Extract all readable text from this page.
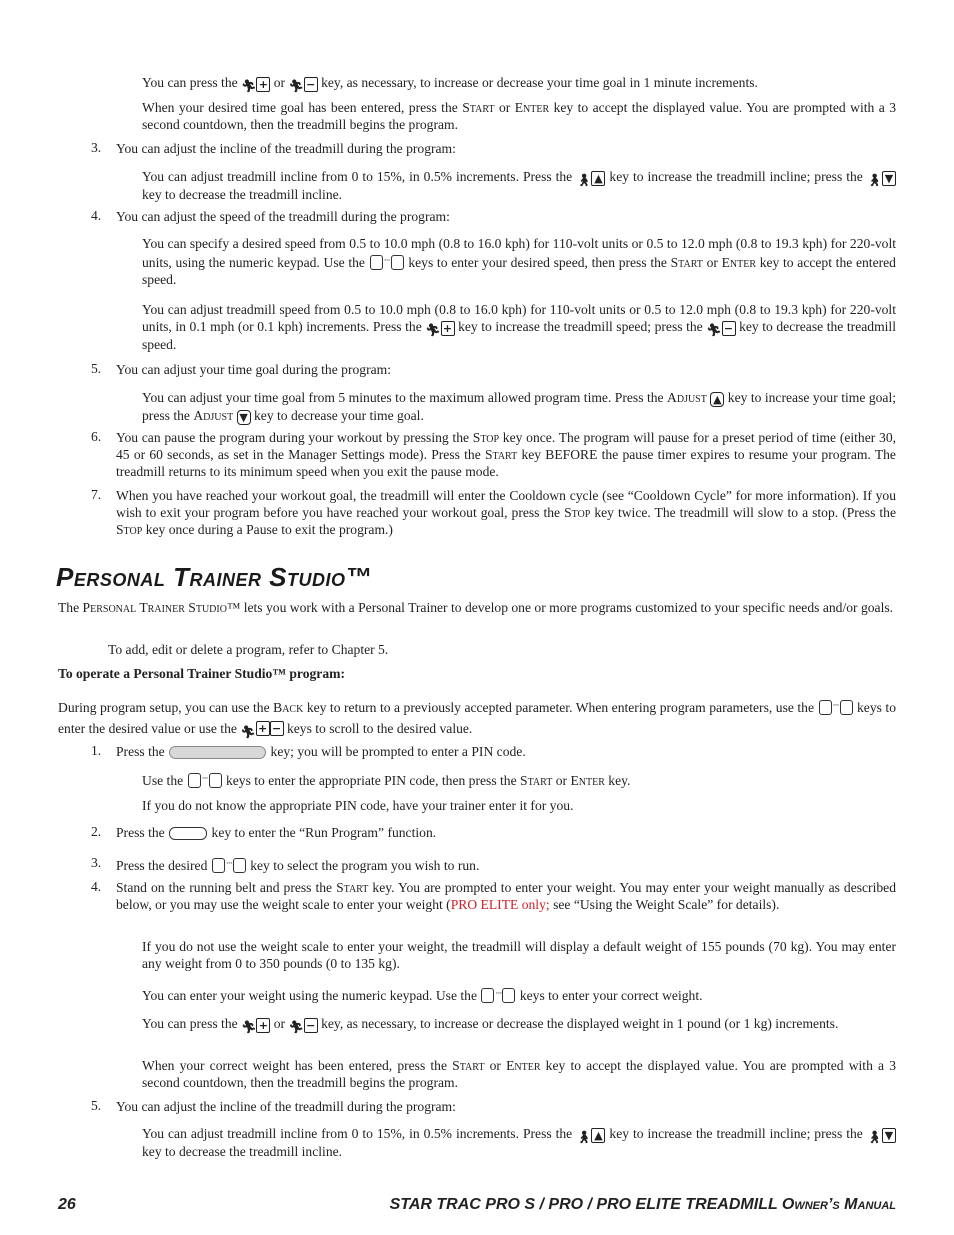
You can press the 🏃︎ + or 🏃︎ − key, as necessary, to increase or decrease your time goal in 1 minute increments.

When your desired time goal has been entered, press the Start or Enter key to accept the displayed value. You are prompted with a 3 second countdown, then the treadmill begins the program.

3.	You can adjust the incline of the treadmill during the program:

You can adjust treadmill incline from 0 to 15%, in 0.5% increments. Press the 🚶︎ ▲ key to increase the treadmill incline; press the 🚶︎ ▼ key to decrease the treadmill incline.

4.	You can adjust the speed of the treadmill during the program:

You can specify a desired speed from 0.5 to 10.0 mph (0.8 to 16.0 kph) for 110-volt units or 0.5 to 12.0 mph (0.8 to 19.3 kph) for 220-volt units, using the numeric keypad. Use the ··· keys to enter your desired speed, then press the Start or Enter key to accept the entered speed.

You can adjust treadmill speed from 0.5 to 10.0 mph (0.8 to 16.0 kph) for 110-volt units or 0.5 to 12.0 mph (0.8 to 19.3 kph) for 220-volt units, in 0.1 mph (or 0.1 kph) increments. Press the 🏃︎ + key to increase the treadmill speed; press the 🏃︎ − key to decrease the treadmill speed.

5.	You can adjust your time goal during the program:

You can adjust your time goal from 5 minutes to the maximum allowed program time. Press the Adjust ▲ key to increase your time goal; press the Adjust ▼ key to decrease your time goal.

6.	You can pause the program during your workout by pressing the Stop key once. The program will pause for a preset period of time (either 30, 45 or 60 seconds, as set in the Manager Settings mode). Press the Start key BEFORE the pause timer expires to resume your program. The treadmill returns to its minimum speed when you exit the pause mode.

7.	When you have reached your workout goal, the treadmill will enter the Cooldown cycle (see “Cooldown Cycle” for more information). If you wish to exit your program before you have reached your workout goal, press the Stop key twice. The treadmill will slow to a stop. (Press the Stop key once during a Pause to exit the program.)

Personal Trainer Studio™

The Personal Trainer Studio™ lets you work with a Personal Trainer to develop one or more programs customized to your specific needs and/or goals.

To add, edit or delete a program, refer to Chapter 5.

To operate a Personal Trainer Studio™ program:

During program setup, you can use the Back key to return to a previously accepted parameter. When entering program parameters, use the ··· keys to enter the desired value or use the 🏃︎ + − keys to scroll to the desired value.

1.	Press the	key; you will be prompted to enter a PIN code.

Use the ··· keys to enter the appropriate PIN code, then press the Start or Enter key.

If you do not know the appropriate PIN code, have your trainer enter it for you.

2.	Press the	key to enter the “Run Program” function.

3.	Press the desired ··· key to select the program you wish to run.

4.	Stand on the running belt and press the Start key. You are prompted to enter your weight. You may enter your weight manually as described below, or you may use the weight scale to enter your weight (PRO ELITE only; see “Using the Weight Scale” for details).

If you do not use the weight scale to enter your weight, the treadmill will display a default weight of 155 pounds (70 kg). You may enter any weight from 0 to 350 pounds (0 to 135 kg).

You can enter your weight using the numeric keypad. Use the ··· keys to enter your correct weight.

You can press the 🏃︎ + or 🏃︎ − key, as necessary, to increase or decrease the displayed weight in 1 pound (or 1 kg) increments.

When your correct weight has been entered, press the Start or Enter key to accept the displayed value. You are prompted with a 3 second countdown, then the treadmill begins the program.

5.	You can adjust the incline of the treadmill during the program:

You can adjust treadmill incline from 0 to 15%, in 0.5% increments. Press the 🚶︎ ▲ key to increase the treadmill incline; press the 🚶︎ ▼ key to decrease the treadmill incline.

26	STAR TRAC PRO S / PRO / PRO ELITE TREADMILL Owner’s Manual
